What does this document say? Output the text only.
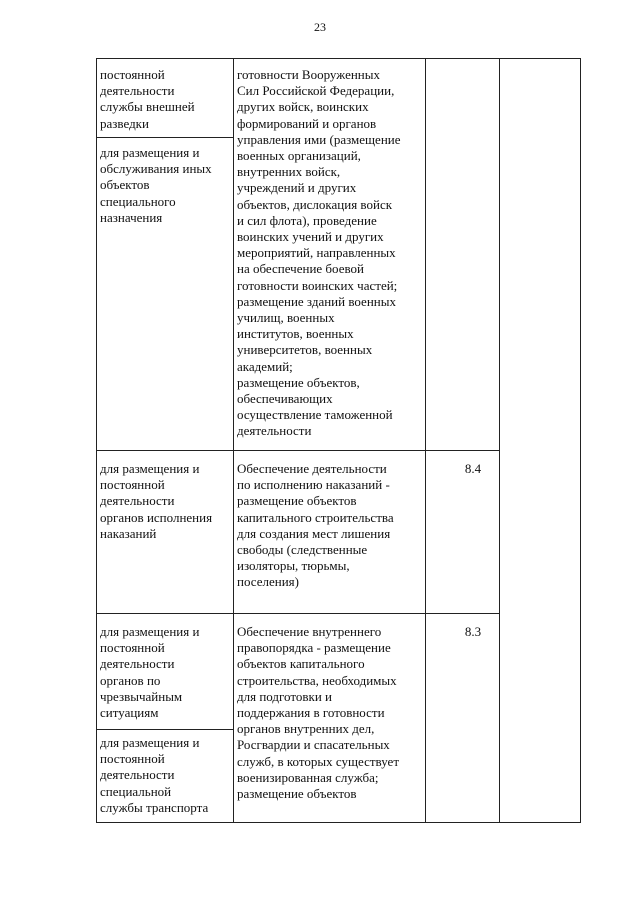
23
постоянной
деятельности
службы внешней
разведки
для размещения и
обслуживания иных
объектов
специального
назначения
готовности Вооруженных
Сил Российской Федерации,
других войск, воинских
формирований и органов
управления ими (размещение
военных организаций,
внутренних войск,
учреждений и других
объектов, дислокация войск
и сил флота), проведение
воинских учений и других
мероприятий, направленных
на обеспечение боевой
готовности воинских частей;
размещение зданий военных
училищ, военных
институтов, военных
университетов, военных
академий;
размещение объектов,
обеспечивающих
осуществление таможенной
деятельности
для размещения и
постоянной
деятельности
органов исполнения
наказаний
Обеспечение деятельности
по исполнению наказаний -
размещение объектов
капитального строительства
для создания мест лишения
свободы (следственные
изоляторы, тюрьмы,
поселения)
8.4
для размещения и
постоянной
деятельности
органов по
чрезвычайным
ситуациям
для размещения и
постоянной
деятельности
специальной
службы транспорта
Обеспечение внутреннего
правопорядка - размещение
объектов капитального
строительства, необходимых
для подготовки и
поддержания в готовности
органов внутренних дел,
Росгвардии и спасательных
служб, в которых существует
военизированная служба;
размещение объектов
8.3
